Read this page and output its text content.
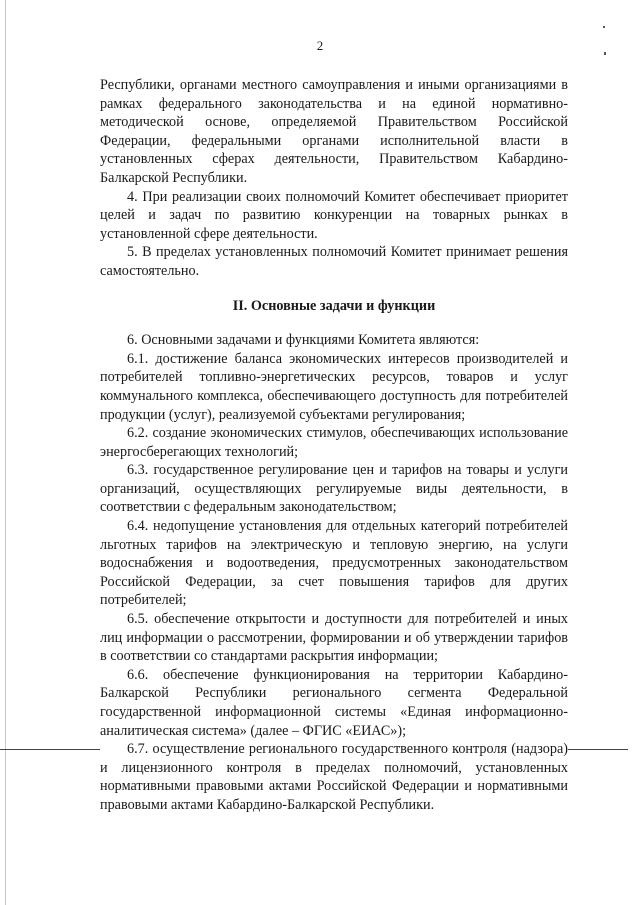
2

Республики, органами местного самоуправления и иными организациями в рамках федерального законодательства и на единой нормативно-методической основе, определяемой Правительством Российской Федерации, федеральными органами исполнительной власти в установленных сферах деятельности, Правительством Кабардино-Балкарской Республики.

4. При реализации своих полномочий Комитет обеспечивает приоритет целей и задач по развитию конкуренции на товарных рынках в установленной сфере деятельности.

5. В пределах установленных полномочий Комитет принимает решения самостоятельно.

II. Основные задачи и функции

6. Основными задачами и функциями Комитета являются:

6.1. достижение баланса экономических интересов производителей и потребителей топливно-энергетических ресурсов, товаров и услуг коммунального комплекса, обеспечивающего доступность для потребителей продукции (услуг), реализуемой субъектами регулирования;

6.2. создание экономических стимулов, обеспечивающих использование энергосберегающих технологий;

6.3. государственное регулирование цен и тарифов на товары и услуги организаций, осуществляющих регулируемые виды деятельности, в соответствии с федеральным законодательством;

6.4. недопущение установления для отдельных категорий потребителей льготных тарифов на электрическую и тепловую энергию, на услуги водоснабжения и водоотведения, предусмотренных законодательством Российской Федерации, за счет повышения тарифов для других потребителей;

6.5. обеспечение открытости и доступности для потребителей и иных лиц информации о рассмотрении, формировании и об утверждении тарифов в соответствии со стандартами раскрытия информации;

6.6. обеспечение функционирования на территории Кабардино-Балкарской Республики регионального сегмента Федеральной государственной информационной системы «Единая информационно-аналитическая система» (далее – ФГИС «ЕИАС»);

6.7. осуществление регионального государственного контроля (надзора) и лицензионного контроля в пределах полномочий, установленных нормативными правовыми актами Российской Федерации и нормативными правовыми актами Кабардино-Балкарской Республики.
